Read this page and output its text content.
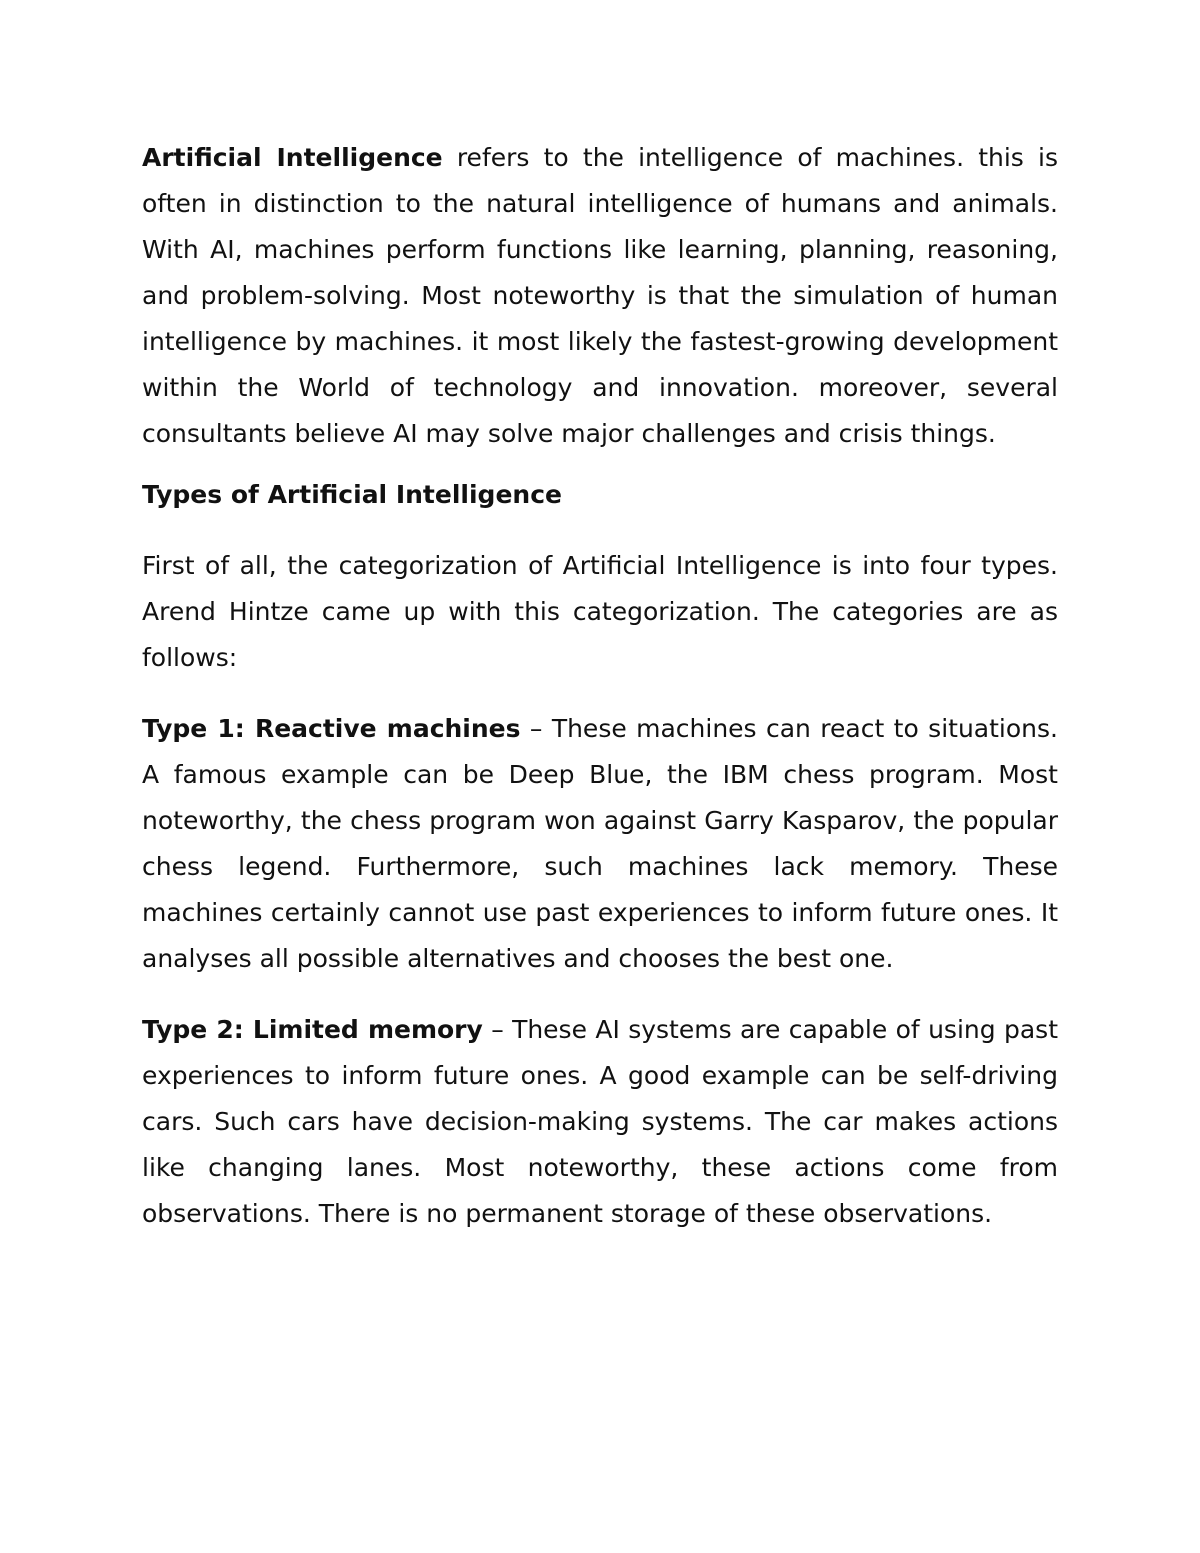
Artificial Intelligence refers to the intelligence of machines. this is often in distinction to the natural intelligence of humans and animals. With AI, machines perform functions like learning, planning, reasoning, and problem-solving. Most noteworthy is that the simulation of human intelligence by machines. it most likely the fastest-growing development within the World of technology and innovation. moreover, several consultants believe AI may solve major challenges and crisis things.

Types of Artificial Intelligence

First of all, the categorization of Artificial Intelligence is into four types. Arend Hintze came up with this categorization. The categories are as follows:

Type 1: Reactive machines – These machines can react to situations. A famous example can be Deep Blue, the IBM chess program. Most noteworthy, the chess program won against Garry Kasparov, the popular chess legend. Furthermore, such machines lack memory. These machines certainly cannot use past experiences to inform future ones. It analyses all possible alternatives and chooses the best one.

Type 2: Limited memory – These AI systems are capable of using past experiences to inform future ones. A good example can be self-driving cars. Such cars have decision-making systems. The car makes actions like changing lanes. Most noteworthy, these actions come from observations. There is no permanent storage of these observations.
